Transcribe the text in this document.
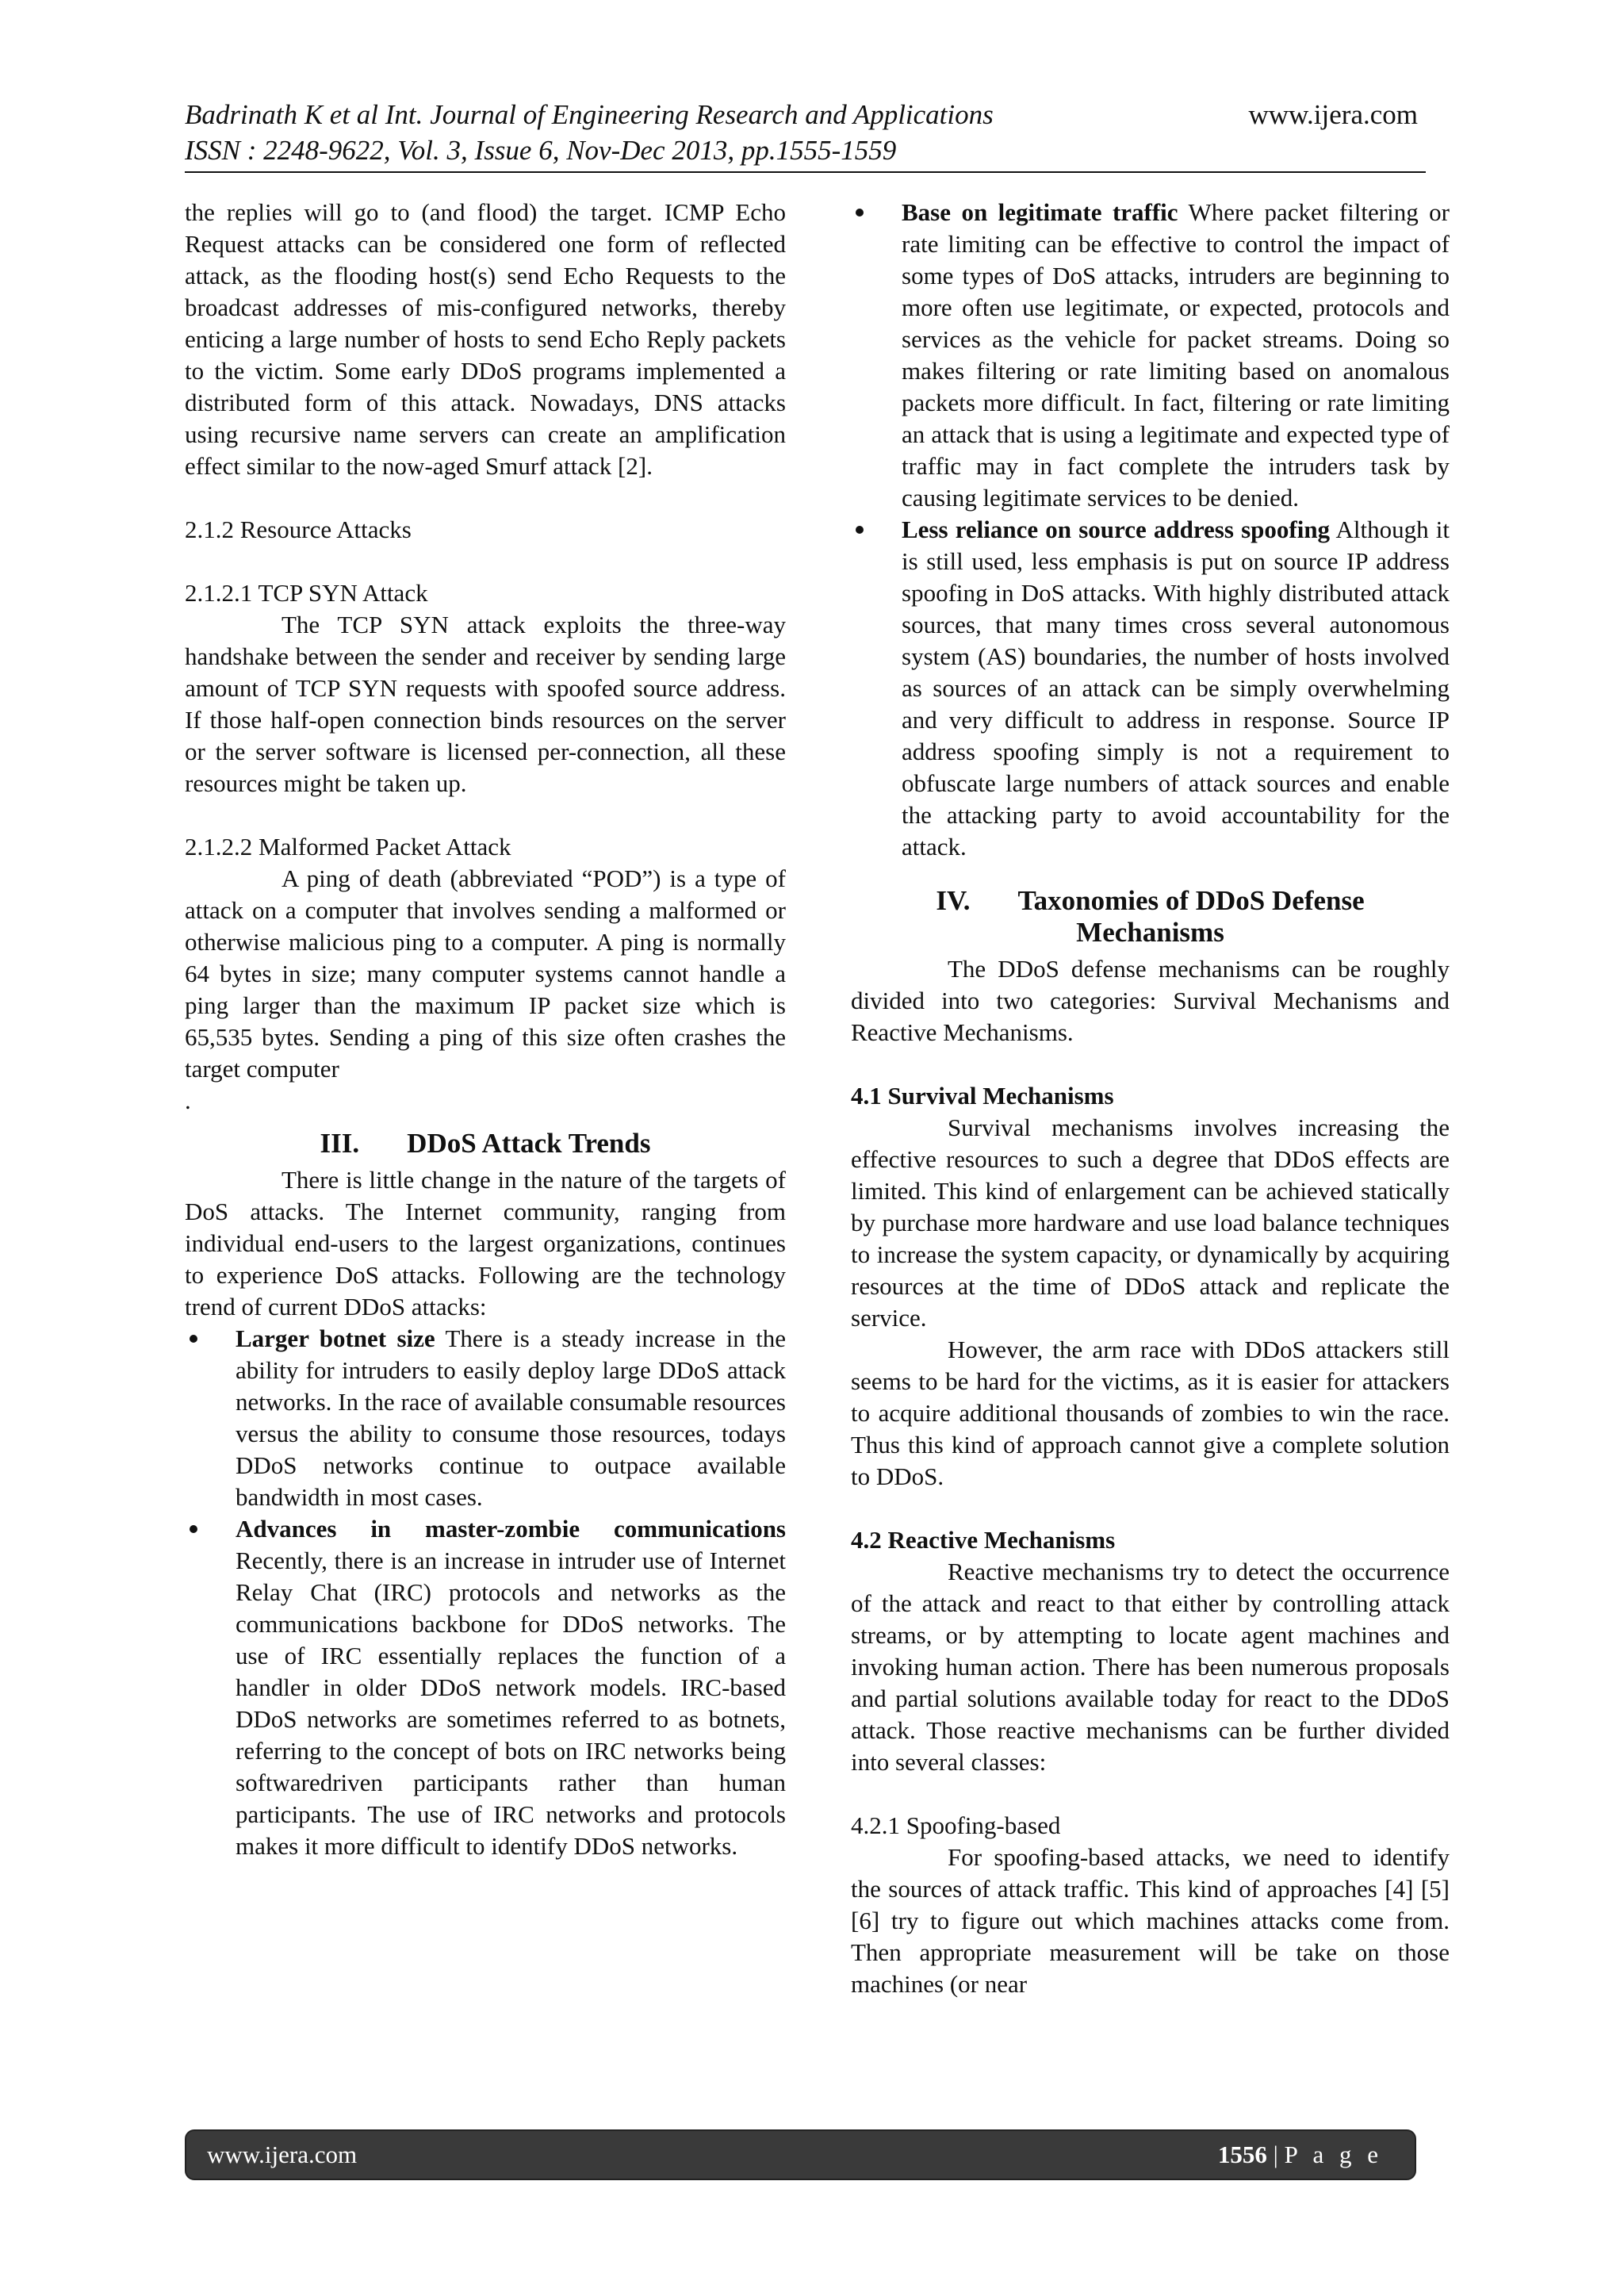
Badrinath K et al Int. Journal of Engineering Research and Applications	www.ijera.com
ISSN : 2248-9622, Vol. 3, Issue 6, Nov-Dec 2013, pp.1555-1559

the replies will go to (and flood) the target. ICMP Echo Request attacks can be considered one form of reflected attack, as the flooding host(s) send Echo Requests to the broadcast addresses of mis-configured networks, thereby enticing a large number of hosts to send Echo Reply packets to the victim. Some early DDoS programs implemented a distributed form of this attack. Nowadays, DNS attacks using recursive name servers can create an amplification effect similar to the now-aged Smurf attack [2].

2.1.2 Resource Attacks

2.1.2.1 TCP SYN Attack

The TCP SYN attack exploits the three-way handshake between the sender and receiver by sending large amount of TCP SYN requests with spoofed source address. If those half-open connection binds resources on the server or the server software is licensed per-connection, all these resources might be taken up.

2.1.2.2 Malformed Packet Attack

A ping of death (abbreviated “POD”) is a type of attack on a computer that involves sending a malformed or otherwise malicious ping to a computer. A ping is normally 64 bytes in size; many computer systems cannot handle a ping larger than the maximum IP packet size which is 65,535 bytes. Sending a ping of this size often crashes the target computer

.

III. DDoS Attack Trends

There is little change in the nature of the targets of DoS attacks. The Internet community, ranging from individual end-users to the largest organizations, continues to experience DoS attacks. Following are the technology trend of current DDoS attacks:

Larger botnet size There is a steady increase in the ability for intruders to easily deploy large DDoS attack networks. In the race of available consumable resources versus the ability to consume those resources, todays DDoS networks continue to outpace available bandwidth in most cases.
Advances in master-zombie communications Recently, there is an increase in intruder use of Internet Relay Chat (IRC) protocols and networks as the communications backbone for DDoS networks. The use of IRC essentially replaces the function of a handler in older DDoS network models. IRC-based DDoS networks are sometimes referred to as botnets, referring to the concept of bots on IRC networks being softwaredriven participants rather than human participants. The use of IRC networks and protocols makes it more difficult to identify DDoS networks.
Base on legitimate traffic Where packet filtering or rate limiting can be effective to control the impact of some types of DoS attacks, intruders are beginning to more often use legitimate, or expected, protocols and services as the vehicle for packet streams. Doing so makes filtering or rate limiting based on anomalous packets more difficult. In fact, filtering or rate limiting an attack that is using a legitimate and expected type of traffic may in fact complete the intruders task by causing legitimate services to be denied.
Less reliance on source address spoofing Although it is still used, less emphasis is put on source IP address spoofing in DoS attacks. With highly distributed attack sources, that many times cross several autonomous system (AS) boundaries, the number of hosts involved as sources of an attack can be simply overwhelming and very difficult to address in response. Source IP address spoofing simply is not a requirement to obfuscate large numbers of attack sources and enable the attacking party to avoid accountability for the attack.
IV. Taxonomies of DDoS Defense
Mechanisms

The DDoS defense mechanisms can be roughly divided into two categories: Survival Mechanisms and Reactive Mechanisms.

4.1 Survival Mechanisms

Survival mechanisms involves increasing the effective resources to such a degree that DDoS effects are limited. This kind of enlargement can be achieved statically by purchase more hardware and use load balance techniques to increase the system capacity, or dynamically by acquiring resources at the time of DDoS attack and replicate the service.

However, the arm race with DDoS attackers still seems to be hard for the victims, as it is easier for attackers to acquire additional thousands of zombies to win the race. Thus this kind of approach cannot give a complete solution to DDoS.

4.2 Reactive Mechanisms

Reactive mechanisms try to detect the occurrence of the attack and react to that either by controlling attack streams, or by attempting to locate agent machines and invoking human action. There has been numerous proposals and partial solutions available today for react to the DDoS attack. Those reactive mechanisms can be further divided into several classes:

4.2.1 Spoofing-based

For spoofing-based attacks, we need to identify the sources of attack traffic. This kind of approaches [4] [5] [6] try to figure out which machines attacks come from. Then appropriate measurement will be take on those machines (or near

www.ijera.com	1556 | P a g e
